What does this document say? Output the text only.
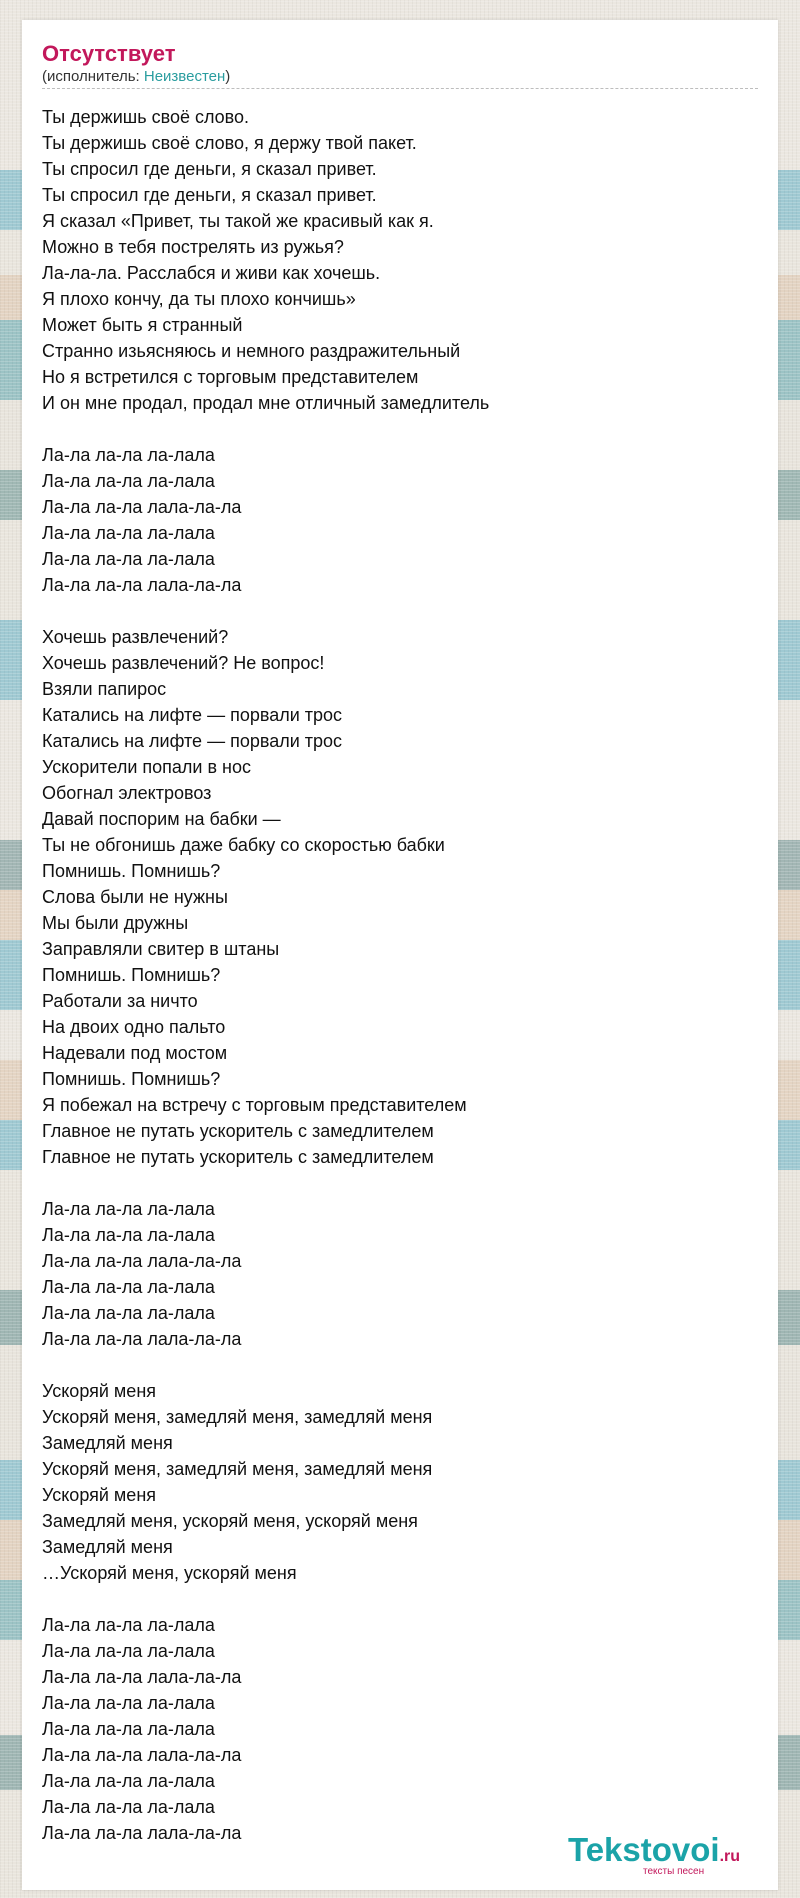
Отсутствует
(исполнитель: Неизвестен)
Ты держишь своё слово.
Ты держишь своё слово, я держу твой пакет.
Ты спросил где деньги, я сказал привет.
Ты спросил где деньги, я сказал привет.
Я сказал «Привет, ты такой же красивый как я.
Можно в тебя пострелять из ружья?
Ла-ла-ла. Расслабся и живи как хочешь.
Я плохо кончу, да ты плохо кончишь»
Может быть я странный
Странно изьясняюсь и немного раздражительный
Но я встретился с торговым представителем
И он мне продал, продал мне отличный замедлитель
Ла-ла ла-ла ла-лала
Ла-ла ла-ла ла-лала
Ла-ла ла-ла лала-ла-ла
Ла-ла ла-ла ла-лала
Ла-ла ла-ла ла-лала
Ла-ла ла-ла лала-ла-ла
Хочешь развлечений?
Хочешь развлечений? Не вопрос!
Взяли папирос
Катались на лифте — порвали трос
Катались на лифте — порвали трос
Ускорители попали в нос
Обогнал электровоз
Давай поспорим на бабки —
Ты не обгонишь даже бабку со скоростью бабки
Помнишь. Помнишь?
Слова были не нужны
Мы были дружны
Заправляли свитер в штаны
Помнишь. Помнишь?
Работали за ничто
На двоих одно пальто
Надевали под мостом
Помнишь. Помнишь?
Я побежал на встречу с торговым представителем
Главное не путать ускоритель с замедлителем
Главное не путать ускоритель с замедлителем
Ла-ла ла-ла ла-лала
Ла-ла ла-ла ла-лала
Ла-ла ла-ла лала-ла-ла
Ла-ла ла-ла ла-лала
Ла-ла ла-ла ла-лала
Ла-ла ла-ла лала-ла-ла
Ускоряй меня
Ускоряй меня, замедляй меня, замедляй меня
Замедляй меня
Ускоряй меня, замедляй меня, замедляй меня
Ускоряй меня
Замедляй меня, ускоряй меня, ускоряй меня
Замедляй меня
…Ускоряй меня, ускоряй меня
Ла-ла ла-ла ла-лала
Ла-ла ла-ла ла-лала
Ла-ла ла-ла лала-ла-ла
Ла-ла ла-ла ла-лала
Ла-ла ла-ла ла-лала
Ла-ла ла-ла лала-ла-ла
Ла-ла ла-ла ла-лала
Ла-ла ла-ла ла-лала
Ла-ла ла-ла лала-ла-ла	Tekstovoi.ru
тексты песен
